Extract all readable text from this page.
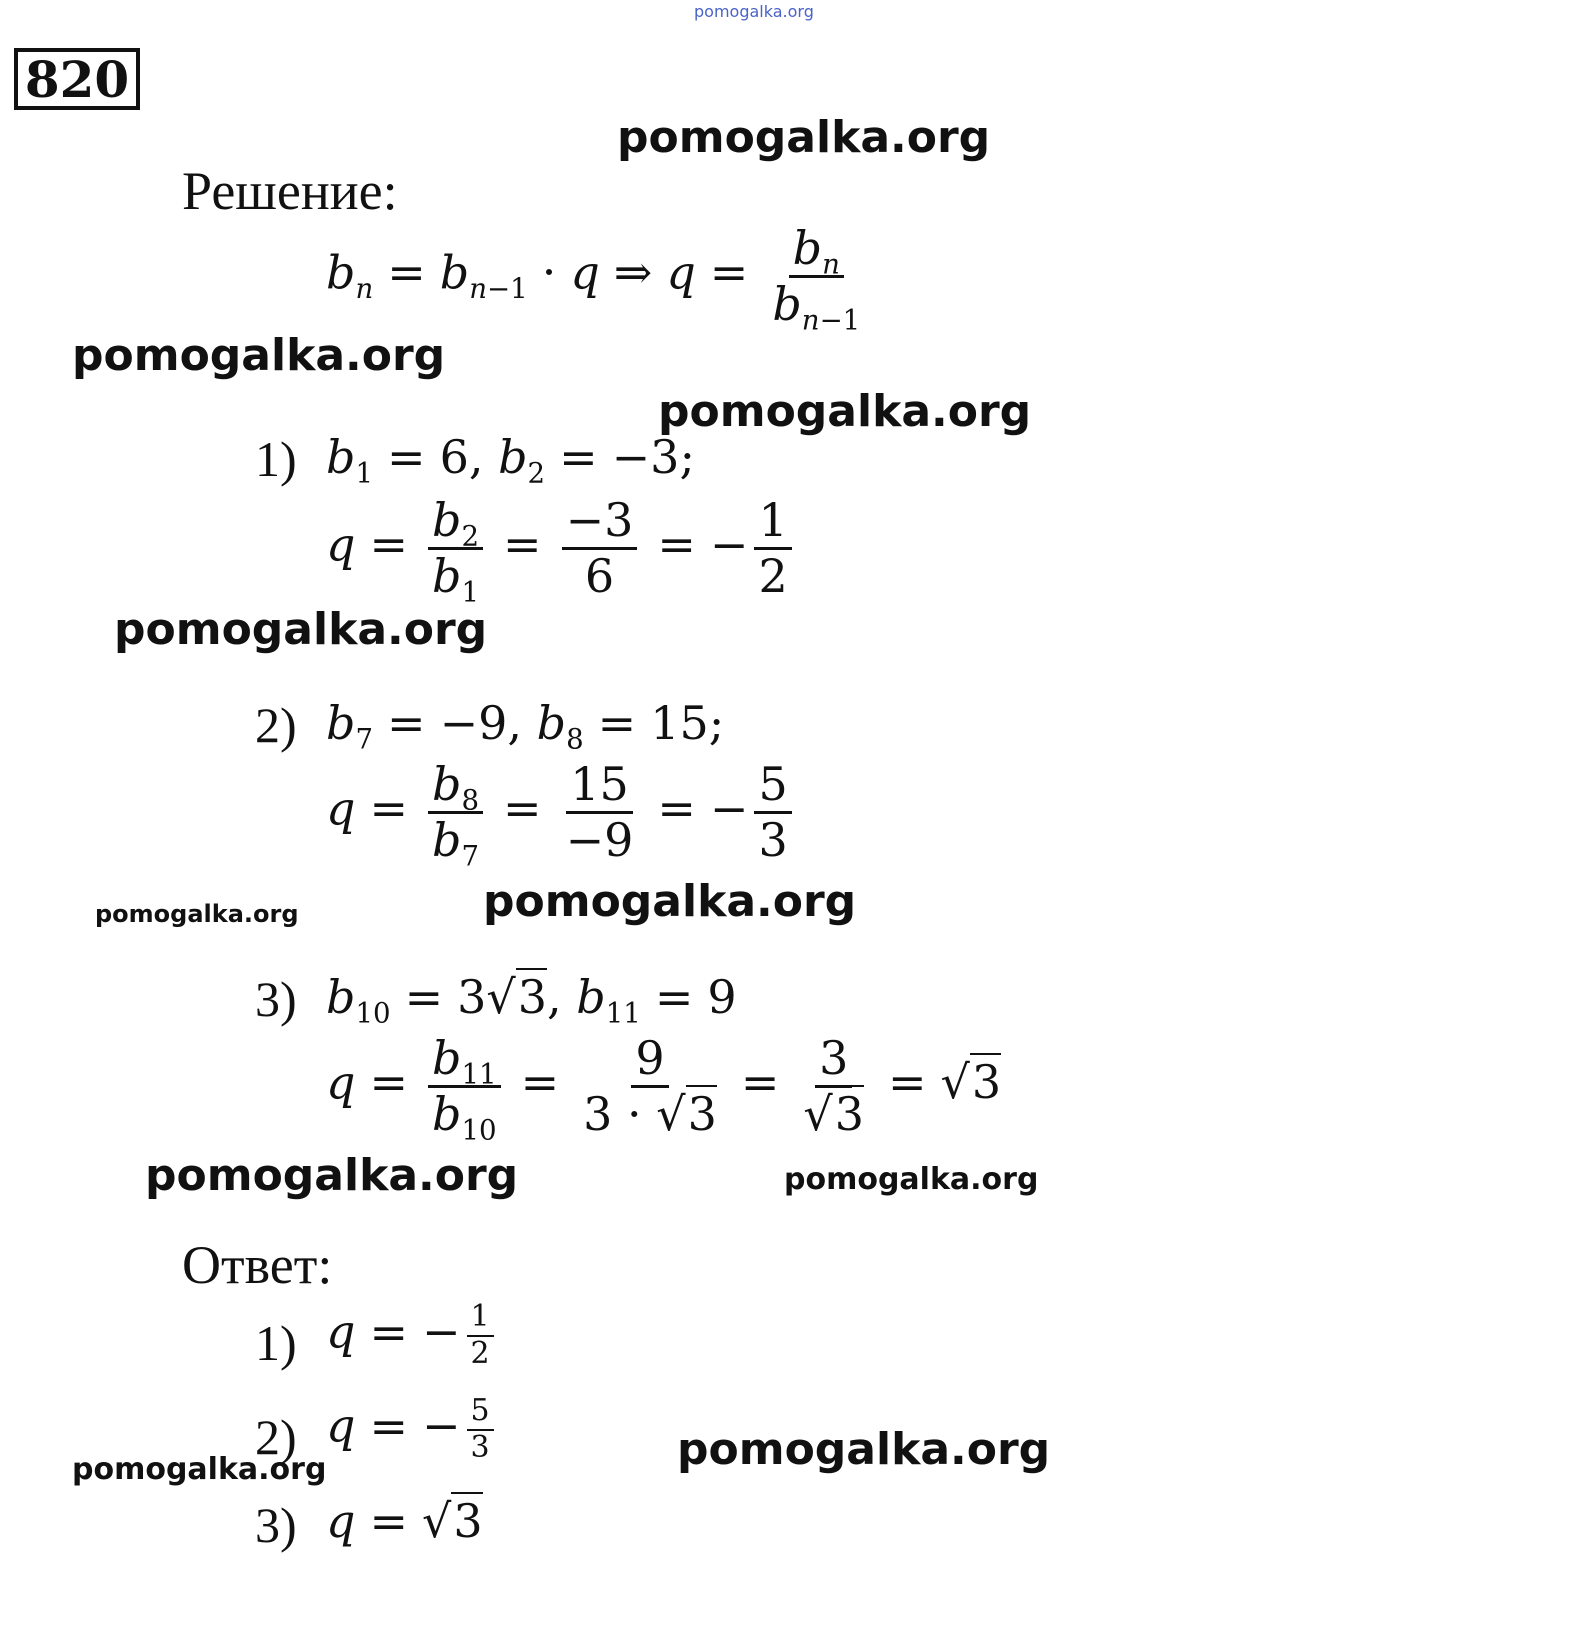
pomogalka.org
pomogalka.org
pomogalka.org
pomogalka.org
pomogalka.org
pomogalka.org	pomogalka.org
pomogalka.org	pomogalka.org
pomogalka.org
pomogalka.org
820
Решение:
$b_n = b_{n-1} \cdot q$ ⇒ $q = \frac{b_n}{b_{n-1}}$
1) $b_1 = 6$, $b_2 = -3$;
$q = \frac{b_2}{b_1} = \frac{-3}{6}$ = − $\frac{1}{2}$
2) $b_7 = -9$, $b_8 = 15$;
$q = \frac{b_8}{b_7} = \frac{15}{-9}$ = − $\frac{5}{3}$
3) $b_{10} = 3√3$, $b_{11} = 9$
$q = \frac{b_{11}}{b_{10}} = \frac{9}{3 \cdot √3} = \frac{3}{√3} = √3$
Ответ:
1) q = − $\frac{1}{2}$
2) q = − $\frac{5}{3}$
3) q = √3
